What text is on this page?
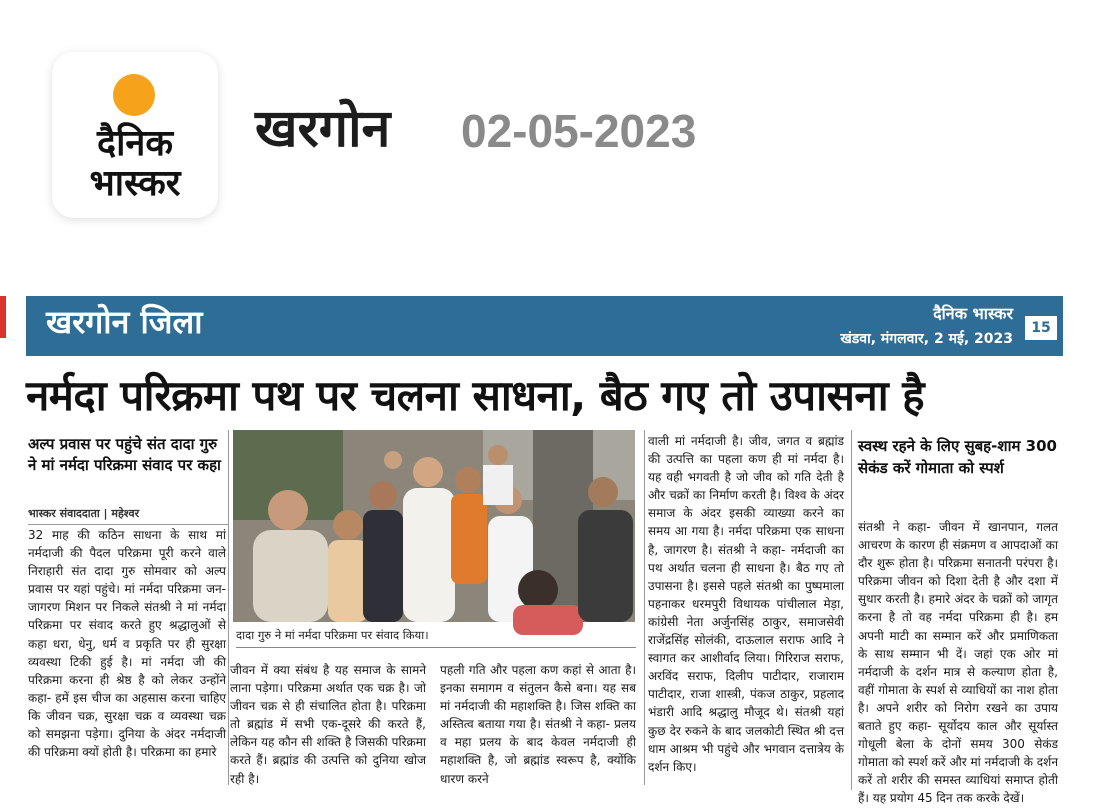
दैनिक
भास्कर
खरगोन 02-05-2023
खरगोन जिला	दैनिक भास्कर
खंडवा, मंगलवार, 2 मई, 2023
15
नर्मदा परिक्रमा पथ पर चलना साधना, बैठ गए तो उपासना है
अल्प प्रवास पर पहुंचे संत दादा गुरु ने मां नर्मदा परिक्रमा संवाद पर कहा
भास्कर संवाददाता | महेश्वर
32 माह की कठिन साधना के साथ मां नर्मदाजी की पैदल परिक्रमा पूरी करने वाले निराहारी संत दादा गुरु सोमवार को अल्प प्रवास पर यहां पहुंचे। मां नर्मदा परिक्रमा जन-जागरण मिशन पर निकले संतश्री ने मां नर्मदा परिक्रमा पर संवाद करते हुए श्रद्धालुओं से कहा धरा, धेनु, धर्म व प्रकृति पर ही सुरक्षा व्यवस्था टिकी हुई है। मां नर्मदा जी की परिक्रमा करना ही श्रेष्ठ है को लेकर उन्होंने कहा- हमें इस चीज का अहसास करना चाहिए कि जीवन चक्र, सुरक्षा चक्र व व्यवस्था चक्र को समझना पड़ेगा। दुनिया के अंदर नर्मदाजी की परिक्रमा क्यों होती है। परिक्रमा का हमारे
दादा गुरु ने मां नर्मदा परिक्रमा पर संवाद किया।
जीवन में क्या संबंध है यह समाज के सामने लाना पड़ेगा। परिक्रमा अर्थात एक चक्र है। जो जीवन चक्र से ही संचालित होता है। परिक्रमा तो ब्रह्मांड में सभी एक-दूसरे की करते हैं, लेकिन यह कौन सी शक्ति है जिसकी परिक्रमा करते हैं। ब्रह्मांड की उत्पत्ति को दुनिया खोज रही है।
पहली गति और पहला कण कहां से आता है। इनका समागम व संतुलन कैसे बना। यह सब मां नर्मदाजी की महाशक्ति है। जिस शक्ति का अस्तित्व बताया गया है। संतश्री ने कहा- प्रलय व महा प्रलय के बाद केवल नर्मदाजी ही महाशक्ति है, जो ब्रह्मांड स्वरूप है, क्योंकि धारण करने
वाली मां नर्मदाजी है। जीव, जगत व ब्रह्मांड की उत्पत्ति का पहला कण ही मां नर्मदा है। यह वही भगवती है जो जीव को गति देती है और चक्रों का निर्माण करती है। विश्व के अंदर समाज के अंदर इसकी व्याख्या करने का समय आ गया है। नर्मदा परिक्रमा एक साधना है, जागरण है। संतश्री ने कहा- नर्मदाजी का पथ अर्थात चलना ही साधना है। बैठ गए तो उपासना है। इससे पहले संतश्री का पुष्पमाला पहनाकर धरमपुरी विधायक पांचीलाल मेड़ा, कांग्रेसी नेता अर्जुनसिंह ठाकुर, समाजसेवी राजेंद्रसिंह सोलंकी, दाऊलाल सराफ आदि ने स्वागत कर आशीर्वाद लिया। गिरिराज सराफ, अरविंद सराफ, दिलीप पाटीदार, राजाराम पाटीदार, राजा शास्त्री, पंकज ठाकुर, प्रहलाद भंडारी आदि श्रद्धालु मौजूद थे। संतश्री यहां कुछ देर रुकने के बाद जलकोटी स्थित श्री दत्त धाम आश्रम भी पहुंचे और भगवान दत्तात्रेय के दर्शन किए।
स्वस्थ रहने के लिए सुबह-शाम 300 सेकंड करें गोमाता को स्पर्श
संतश्री ने कहा- जीवन में खानपान, गलत आचरण के कारण ही संक्रमण व आपदाओं का दौर शुरू होता है। परिक्रमा सनातनी परंपरा है। परिक्रमा जीवन को दिशा देती है और दशा में सुधार करती है। हमारे अंदर के चक्रों को जागृत करना है तो वह नर्मदा परिक्रमा ही है। हम अपनी माटी का सम्मान करें और प्रमाणिकता के साथ सम्मान भी दें। जहां एक ओर मां नर्मदाजी के दर्शन मात्र से कल्याण होता है, वहीं गोमाता के स्पर्श से व्याधियों का नाश होता है। अपने शरीर को निरोग रखने का उपाय बताते हुए कहा- सूर्योदय काल और सूर्यास्त गोधूली बेला के दोनों समय 300 सेकंड गोमाता को स्पर्श करें और मां नर्मदाजी के दर्शन करें तो शरीर की समस्त व्याधियां समाप्त होती हैं। यह प्रयोग 45 दिन तक करके देखें।
